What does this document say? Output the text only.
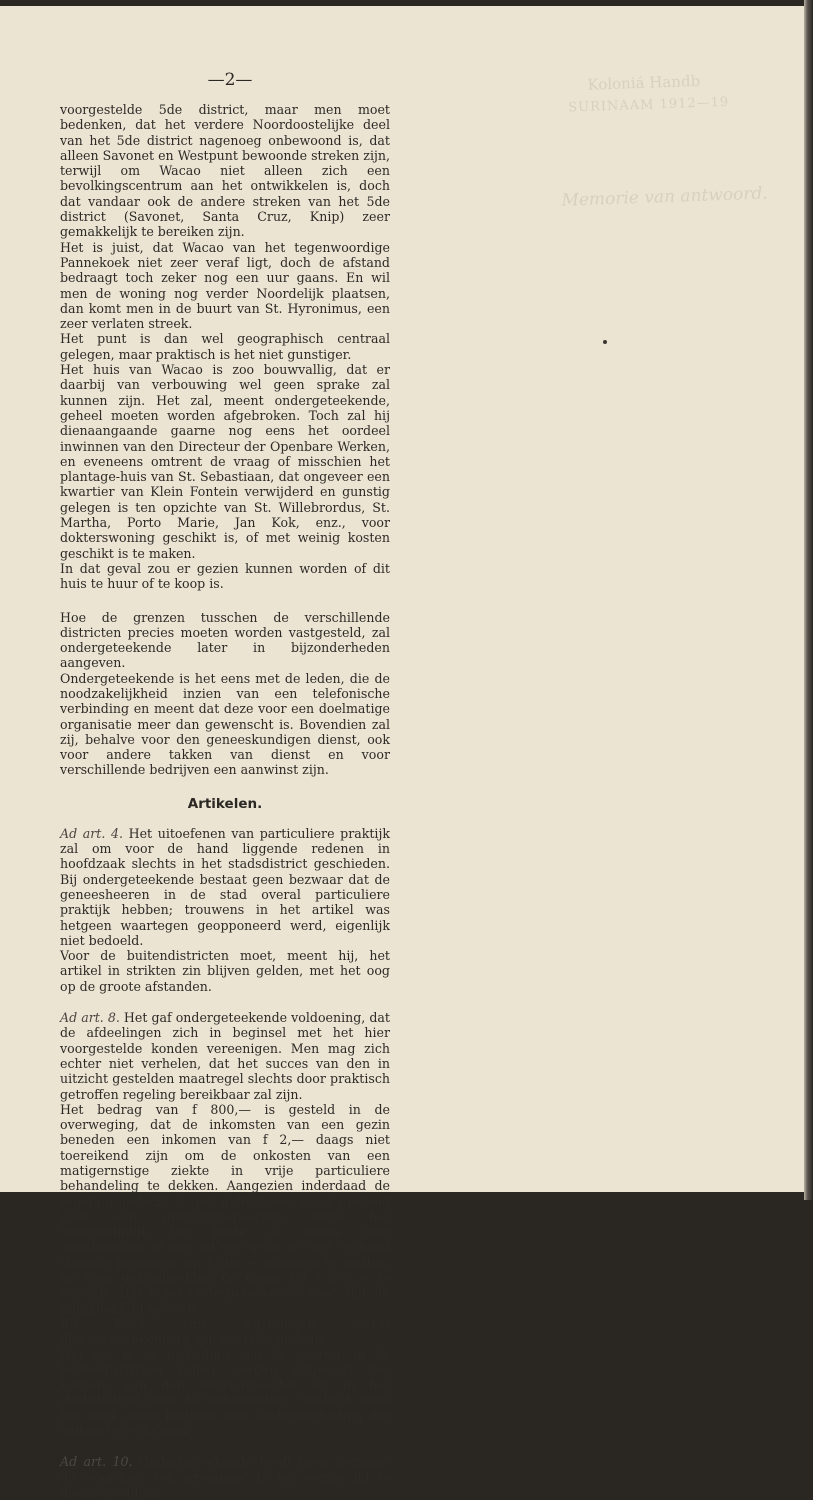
Koloniá Handb
SURINAAM 1912—19
Memorie van antwoord.
—2—

voorgestelde 5de district, maar men moet bedenken, dat het verdere Noordoostelijke deel van het 5de district nagenoeg onbewoond is, dat alleen Savonet en Westpunt bewoonde streken zijn, terwijl om Wacao niet alleen zich een bevolkingscentrum aan het ontwikkelen is, doch dat vandaar ook de andere streken van het 5de district (Savonet, Santa Cruz, Knip) zeer gemakkelijk te bereiken zijn.

Het is juist, dat Wacao van het tegenwoordige Pannekoek niet zeer veraf ligt, doch de afstand bedraagt toch zeker nog een uur gaans. En wil men de woning nog verder Noordelijk plaatsen, dan komt men in de buurt van St. Hyronimus, een zeer verlaten streek.

Het punt is dan wel geographisch centraal gelegen, maar praktisch is het niet gunstiger.

Het huis van Wacao is zoo bouwvallig, dat er daarbij van verbouwing wel geen sprake zal kunnen zijn. Het zal, meent ondergeteekende, geheel moeten worden afgebroken. Toch zal hij dienaangaande gaarne nog eens het oordeel inwinnen van den Directeur der Openbare Werken, en eveneens omtrent de vraag of misschien het plantage-huis van St. Sebastiaan, dat ongeveer een kwartier van Klein Fontein verwijderd en gunstig gelegen is ten opzichte van St. Willebrordus, St. Martha, Porto Marie, Jan Kok, enz., voor dokterswoning geschikt is, of met weinig kosten geschikt is te maken.

In dat geval zou er gezien kunnen worden of dit huis te huur of te koop is.

Hoe de grenzen tusschen de verschillende districten precies moeten worden vastgesteld, zal ondergeteekende later in bijzonderheden aangeven.

Ondergeteekende is het eens met de leden, die de noodzakelijkheid inzien van een telefonische verbinding en meent dat deze voor een doelmatige organisatie meer dan gewenscht is. Bovendien zal zij, behalve voor den geneeskundigen dienst, ook voor andere takken van dienst en voor verschillende bedrijven een aanwinst zijn.

Artikelen.

Ad art. 4. Het uitoefenen van particuliere praktijk zal om voor de hand liggende redenen in hoofdzaak slechts in het stadsdistrict geschieden. Bij ondergeteekende bestaat geen bezwaar dat de geneesheeren in de stad overal particuliere praktijk hebben; trouwens in het artikel was hetgeen waartegen geopponeerd werd, eigenlijk niet bedoeld.

Voor de buitendistricten moet, meent hij, het artikel in strikten zin blijven gelden, met het oog op de groote afstanden.

Ad art. 8. Het gaf ondergeteekende voldoening, dat de afdeelingen zich in beginsel met het hier voorgestelde konden vereenigen. Men mag zich echter niet verhelen, dat het succes van den in uitzicht gestelden maatregel slechts door praktisch getroffen regeling bereikbaar zal zijn.

Het bedrag van f 800,— is gesteld in de overweging, dat de inkomsten van een gezin beneden een inkomen van f 2,— daags niet toereikend zijn om de onkosten van een matigernstige ziekte in vrije particuliere behandeling te dekken. Aangezien inderdaad de regeling gedacht is niet individueel, maar geldend voor een gezinsgroepeering, ware het waarschijnlijk het beste de grens voor ongehuwden, of niet tot een gezin in vast verband staande personen, op f 600,— inkomen te stellen, en voor gezinshoofden de grens bij f 800,— te houden. Het komt ondergeteekende voor, dat de billijkheid dit gebiedt.

Bij Nota van wijzigingen wordt dienovereenkomstig een voorstel gedaan.

Het ligt in de bedoeling, dat de kaarten in de buitendistricten zullen worden uitgereikt ten kantore van den districtmeester en in het stadsdistrict door de wijkmeesters; wellicht ware het werk dezer laatsten door onderverdeeling der wijken te verlichten.

Ad art. 10. Ondergeteekende heeft geen bezwaar de woorden „ten strengste” in het eerste lid te doen vervallen.
